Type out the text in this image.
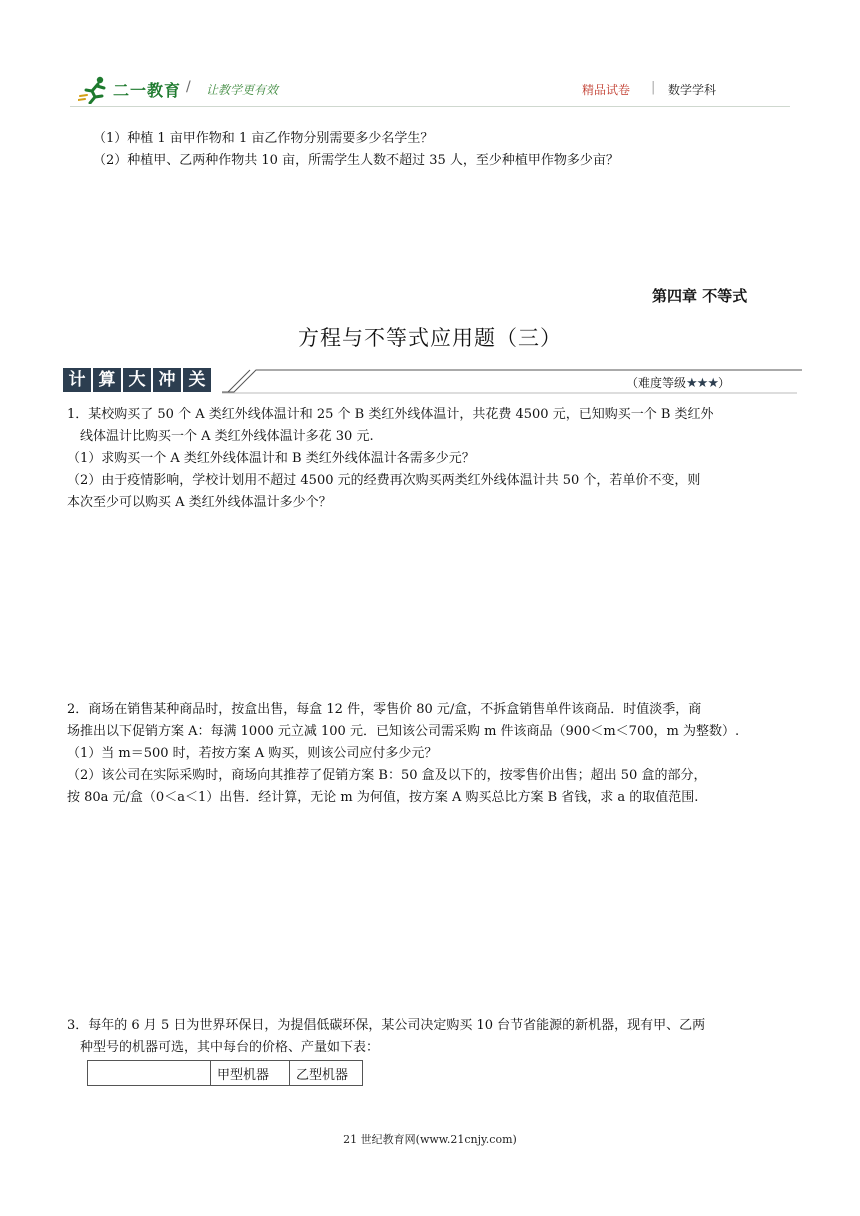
二一教育 / 让教学更有效	精品试卷 | 数学学科
（1）种植 1 亩甲作物和 1 亩乙作物分别需要多少名学生？
（2）种植甲、乙两种作物共 10 亩，所需学生人数不超过 35 人，至少种植甲作物多少亩？
第四章 不等式
方程与不等式应用题（三）
计 算 大 冲 关	（难度等级★★★）
1．某校购买了 50 个 A 类红外线体温计和 25 个 B 类红外线体温计，共花费 4500 元，已知购买一个 B 类红外
线体温计比购买一个 A 类红外线体温计多花 30 元.
（1）求购买一个 A 类红外线体温计和 B 类红外线体温计各需多少元？
（2）由于疫情影响，学校计划用不超过 4500 元的经费再次购买两类红外线体温计共 50 个，若单价不变，则
本次至少可以购买 A 类红外线体温计多少个？
2．商场在销售某种商品时，按盒出售，每盒 12 件，零售价 80 元/盒，不拆盒销售单件该商品．时值淡季，商
场推出以下促销方案 A：每满 1000 元立减 100 元．已知该公司需采购 m 件该商品（900＜m＜700，m 为整数）.
（1）当 m＝500 时，若按方案 A 购买，则该公司应付多少元？
（2）该公司在实际采购时，商场向其推荐了促销方案 B：50 盒及以下的，按零售价出售；超出 50 盒的部分，
按 80a 元/盒（0＜a＜1）出售．经计算，无论 m 为何值，按方案 A 购买总比方案 B 省钱，求 a 的取值范围.
3．每年的 6 月 5 日为世界环保日，为提倡低碳环保，某公司决定购买 10 台节省能源的新机器，现有甲、乙两
种型号的机器可选，其中每台的价格、产量如下表：
	甲型机器	乙型机器
21 世纪教育网(www.21cnjy.com)
